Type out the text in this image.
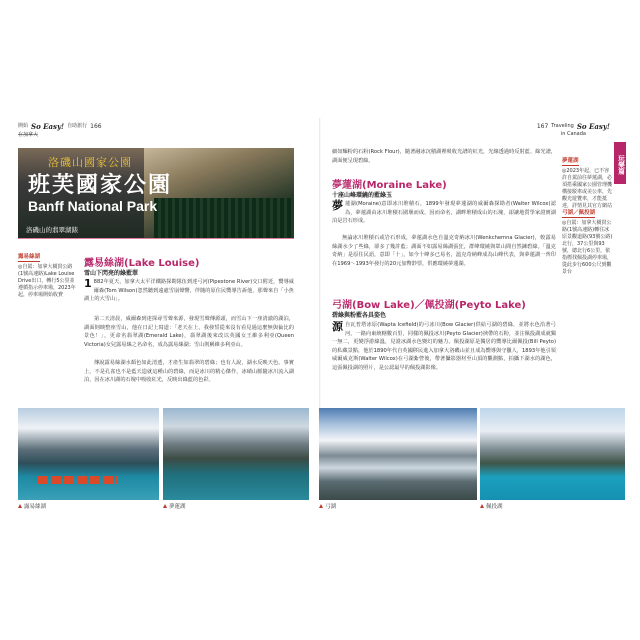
開始 So Easy! 自助旅行 166
在加拿大
167 Traveling So Easy!
in Canada
玩樂篇
洛磯山國家公園
班芙國家公園
Banff National Park
洛磯山的翡翠湖錶
露易絲湖
◎自駕：加拿大橫貫公路(1號高速路)Lake Louise Drive出口，轉行5公里並遵循指示停車場，2023年起，停車場開始收費
露易絲湖(Lake Louise)
雪山下閃亮的綠藍翠
1 882年夏天，加拿大太平洋鐵路探勘隊伍到達弓河(Pipestone River)交口附近，嚮導威爾森(Tom Wilson)忽然聽到遠處雪崩聲響，伴隨的原住民嚮導告訴他，那聲來自「小魚湖上的大雪山」。
第二天清晨，威爾森到達探尋雪聲來源，發現雪聲傳源頭，而雪山下一座清澈的湖泊，湖面倒映整座雪山，他在日記上寫道：「老天在上，我發誓從來沒有看見過這麼無與倫比的景色！」，更命名翡翠湖(Emerald Lake)，翡翠湖後來改以英國女王維多利亞(Queen Victoria)女兒露易絲之名命名，成為露易絲湖；雪山則稱維多利亞山。
傳說露易絲湖水顏色如此清透，才產生如翡翠的碧綠；也有人說，湖水反映天色。事實上，不是孔雀也不是藍天造就這種山的碧綠，而是冰川的精心傑作，冰磧山脈隨冰川流入湖泊，因在冰川湖的石塊中吸收紅光，反映出綠藍的色彩。
細如麵粉的石粉(Rock Flour)，隨著融冰沉積湖裡吸收光譜的紅光，光線透過時反射藍、綠光譜，湖面便呈現碧綠。
夢蓮湖(Moraine Lake)
十座山峰環繞的藍綠玉
夢蓮湖(Moraine)意即冰川堆積石，1899年發現夢蓮湖的威爾森探勘者(Walter Wilcox)認為，夢蓮湖由冰川堆積石圍堰而成，因而命名，湖畔堆積成山的石塊，卻讓地質學家證實湖泊是岩石形成。
無論冰川堆積石或岩石形成，夢蓮湖水色自溫克奇納冰川(Wenkchemna Glacier)，較露易絲湖水少了些綠，卻多了幾許藍；湖面不如露易絲湖張狂，群峰環繞與眾山間自然鍊碧綠。「溫克奇納」是原住民語，意即「十」，如今十峰多已易名，溫克奇納峰成為山峰代表，與夢蓮湖一齊印在1969～1993年發行的20元加幣鈔票，供應環繞夢蓮湖。
弓湖(Bow Lake)／佩投湖(Peyto Lake)
碧綠與粉藍各具姿色
源自瓦普塔冰原(Wapta Icefield)的弓冰川(Bow Glacier)供給弓湖的碧綠，並將水色沿著弓河，一路向東統轄數百里，同樣的佩投冰川(Peyto Glacier)挾帶的石粉，並注佩投湖成就獨一無二，更變浮游綠溫，見證冰湖水色變幻的魅力。佩投湖原是獨居的嚮導比爾佩投(Bill Peyto)的私藏景點，他於1890年代自英國移民進入加拿大洛磯山並且成為嚮導與守獵人，1893年他引領威爾威克斯(Walter Wilcox)在弓湖紮營後，帶著攝影器材至山頂的觀測點，拍攝下湖水的湖色，這張佩投湖的照片，是公認最早的佩投湖影像。
夢蓮湖
◎2023年起，已不容許自駕前往夢蓮湖，必須搭乘國家公園管理機構接駁車或美公車，先觀光遊覽車，才能抵達，詳情見其官方網站
弓湖／佩投湖
◎自駕：加拿大橫貫公路(1號高速路)轉往冰原景觀道路(93號公路)北行，37公里與93號，總北行6公里，依指標找佩投湖停車場，從此步行600公尺到觀景台
露易絲湖	夢蓮湖	弓湖	佩投湖
